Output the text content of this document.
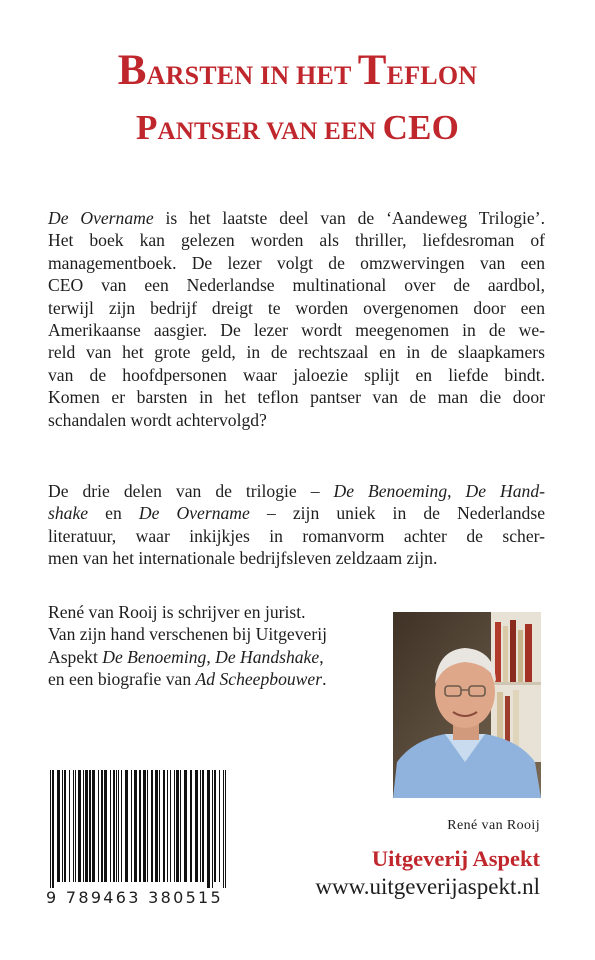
BARSTEN IN HET TEFLON
PANTSER VAN EEN CEO
De Overname is het laatste deel van de ‘Aandeweg Trilogie’.
Het boek kan gelezen worden als thriller, liefdesroman of
managementboek. De lezer volgt de omzwervingen van een
CEO van een Nederlandse multinational over de aardbol,
terwijl zijn bedrijf dreigt te worden overgenomen door een
Amerikaanse aasgier. De lezer wordt meegenomen in de we-
reld van het grote geld, in de rechtszaal en in de slaapkamers
van de hoofdpersonen waar jaloezie splijt en liefde bindt.
Komen er barsten in het teflon pantser van de man die door
schandalen wordt achtervolgd?
De drie delen van de trilogie – De Benoeming, De Hand-
shake en De Overname – zijn uniek in de Nederlandse
literatuur, waar inkijkjes in romanvorm achter de scher-
men van het internationale bedrijfsleven zeldzaam zijn.
René van Rooij is schrijver en jurist.
Van zijn hand verschenen bij Uitgeverij
Aspekt De Benoeming, De Handshake,
en een biografie van Ad Scheepbouwer.
René van Rooij
Uitgeverij Aspekt
www.uitgeverijaspekt.nl
9 789463 380515
